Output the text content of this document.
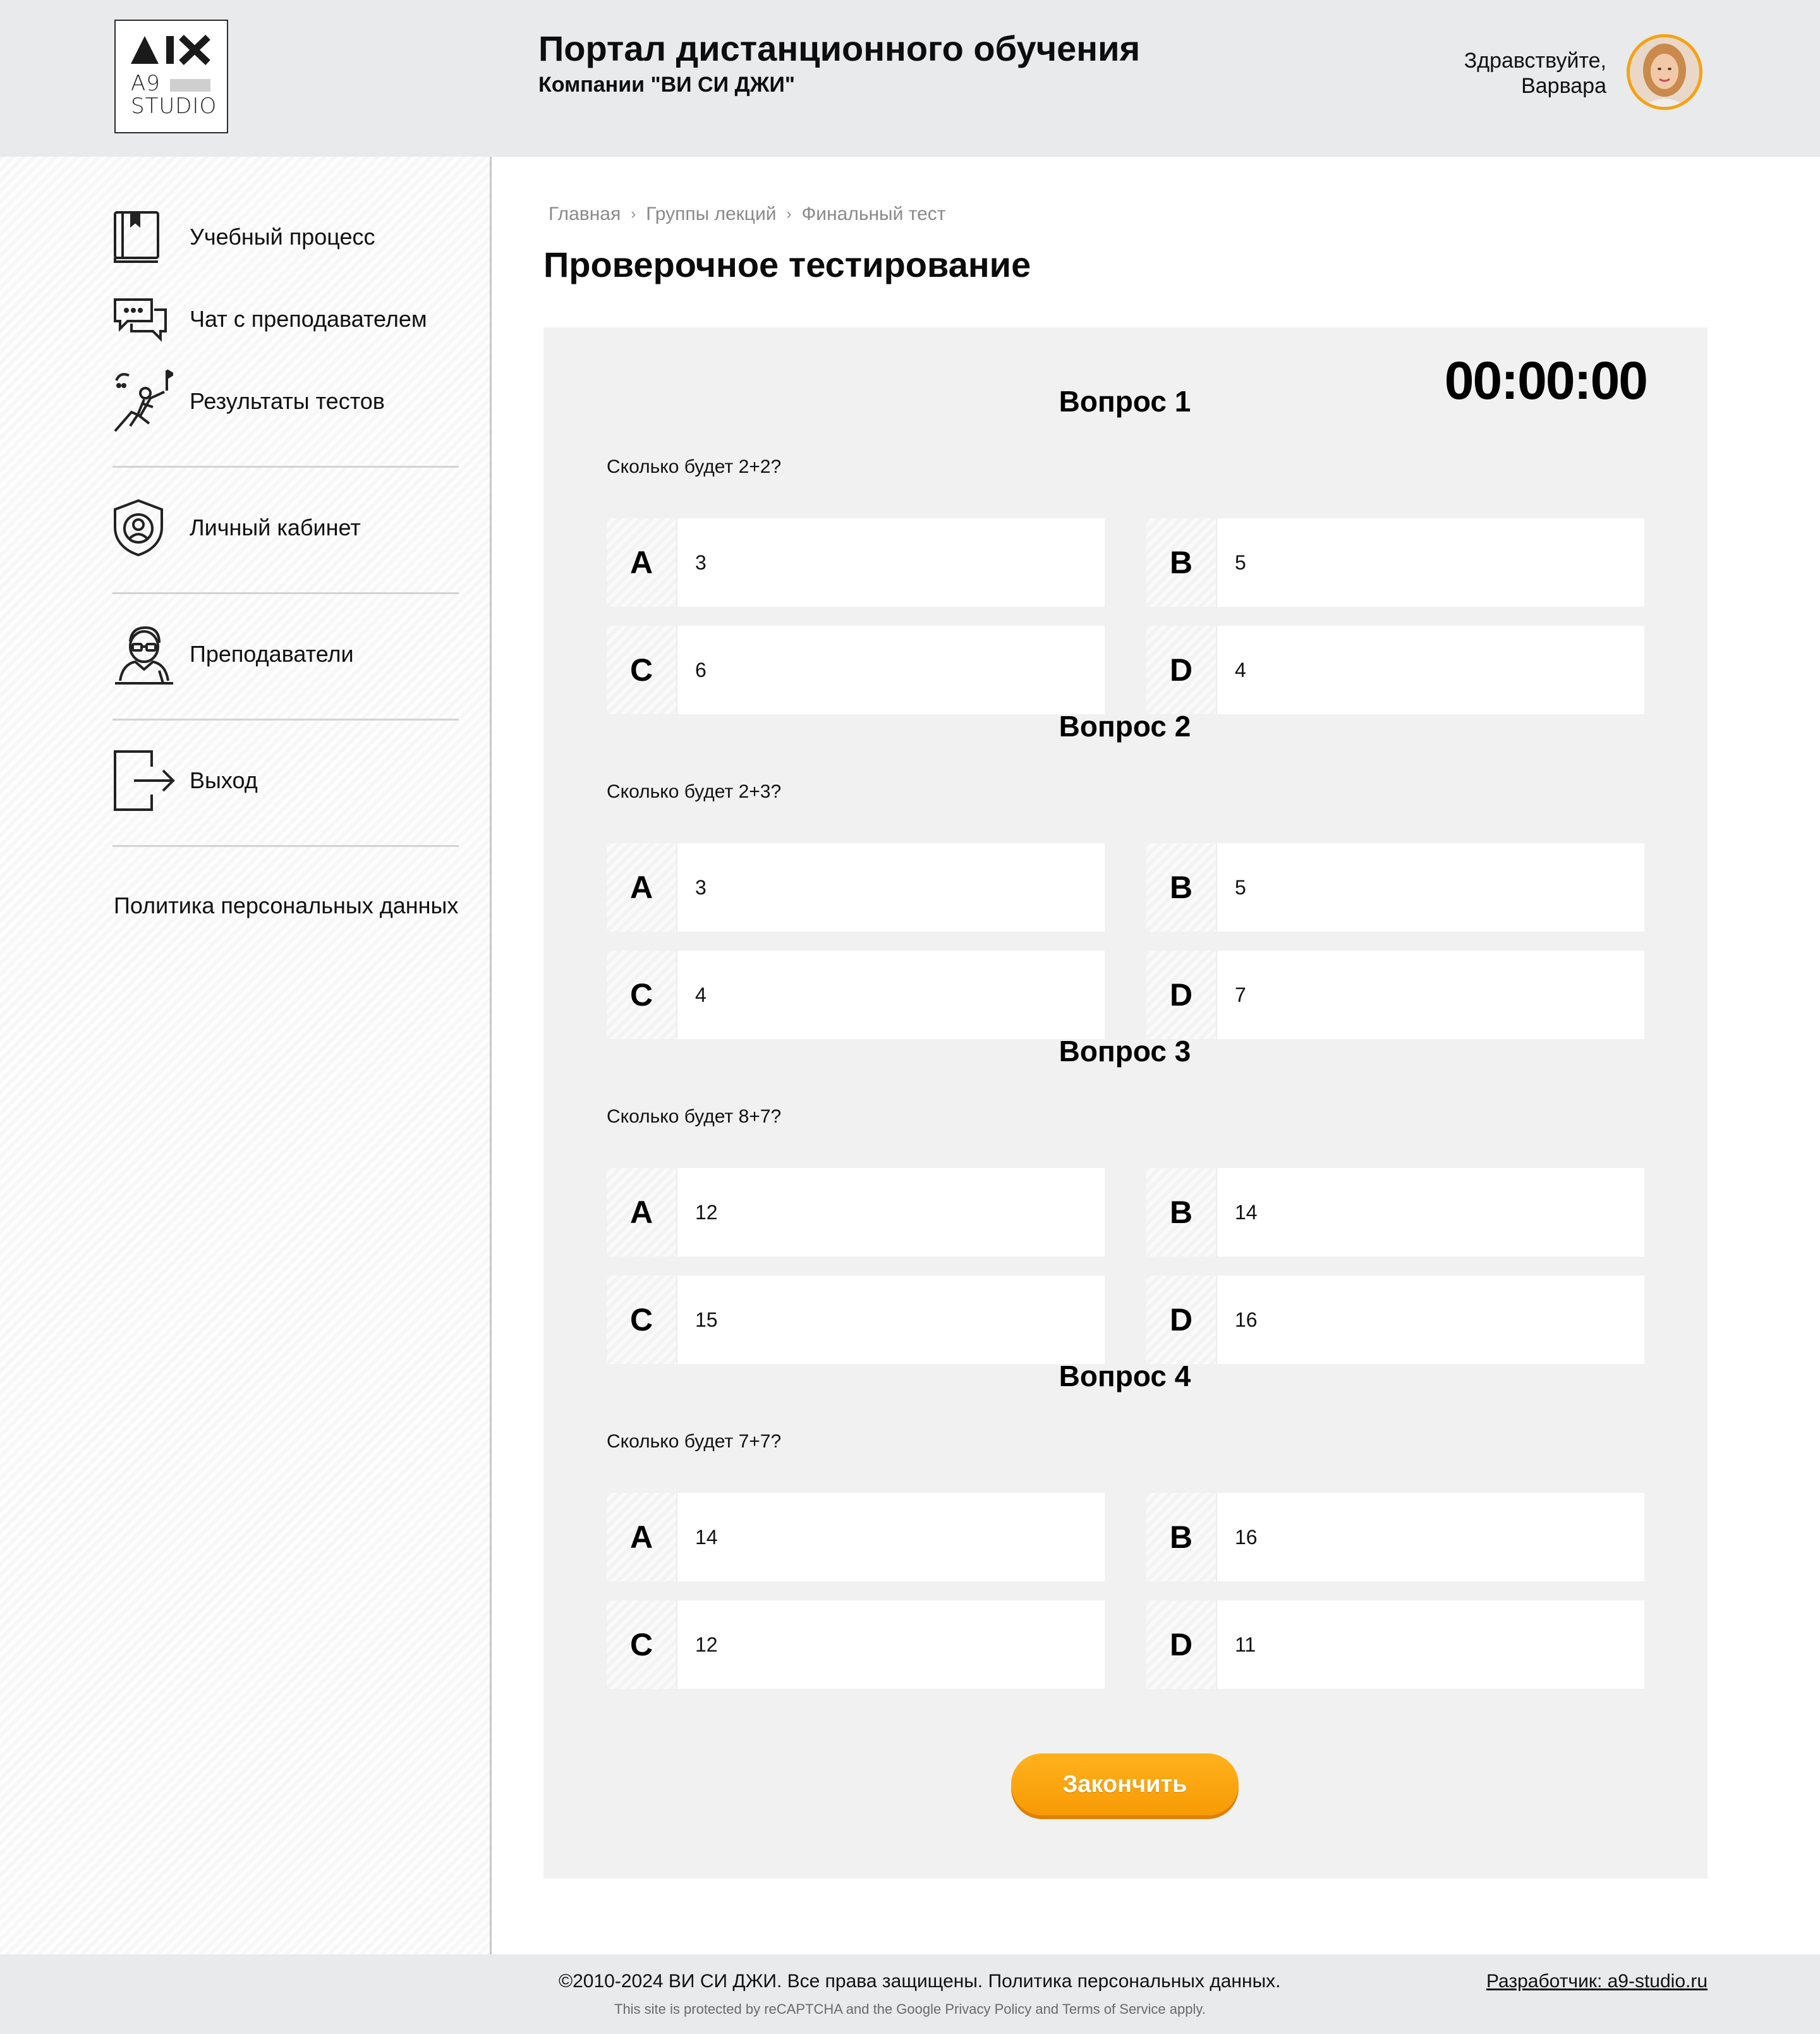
A9
STUDIO
Портал дистанционного обучения
Компании "ВИ СИ ДЖИ"
Здравствуйте,
Варвара
Учебный процесс
Чат с преподавателем
Результаты тестов
Личный кабинет
Преподаватели
Выход
Политика персональных данных
Главная › Группы лекций › Финальный тест
Проверочное тестирование
00:00:00
Вопрос 1
Сколько будет 2+2?
A	3	B	5
C	6	D	4
Вопрос 2
Сколько будет 2+3?
A	3	B	5
C	4	D	7
Вопрос 3
Сколько будет 8+7?
A	12	B	14
C	15	D	16
Вопрос 4
Сколько будет 7+7?
A	14	B	16
C	12	D	11
Закончить
©2010-2024 ВИ СИ ДЖИ. Все права защищены. Политика персональных данных.
This site is protected by reCAPTCHA and the Google Privacy Policy and Terms of Service apply.
Разработчик: a9-studio.ru
